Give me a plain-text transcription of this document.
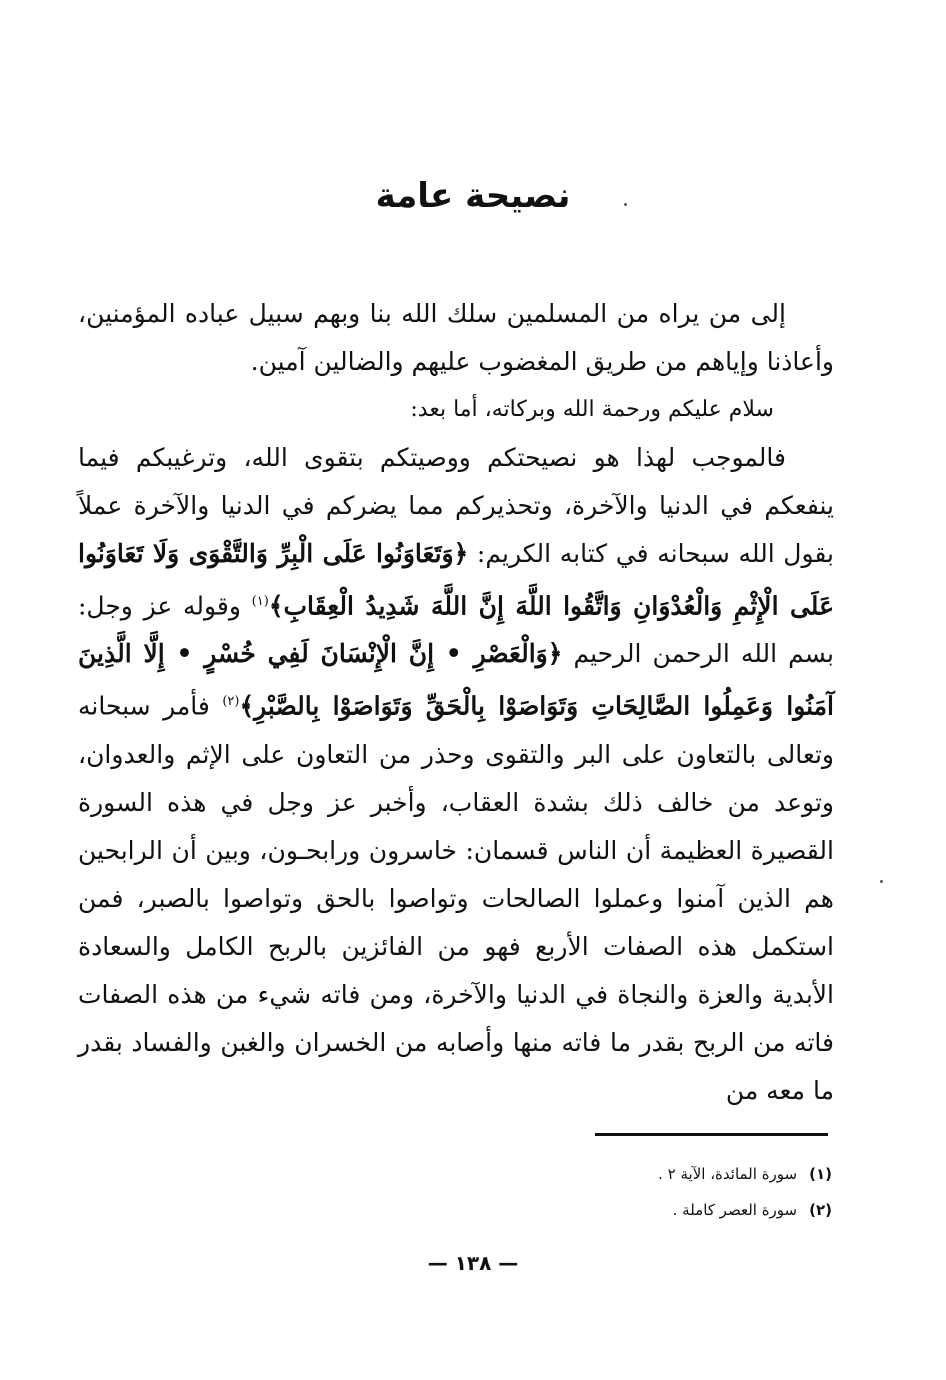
نصيحة عامة

إلى من يراه من المسلمين سلك الله بنا وبهم سبيل عباده المؤمنين، وأعاذنا وإياهم من طريق المغضوب عليهم والضالين آمين.

سلام عليكم ورحمة الله وبركاته، أما بعد:

فالموجب لهذا هو نصيحتكم ووصيتكم بتقوى الله، وترغيبكم فيما ينفعكم في الدنيا والآخرة، وتحذيركم مما يضركم في الدنيا والآخرة عملاً بقول الله سبحانه في كتابه الكريم: ﴿وَتَعَاوَنُوا عَلَى الْبِرِّ وَالتَّقْوَى وَلَا تَعَاوَنُوا عَلَى الْإِثْمِ وَالْعُدْوَانِ وَاتَّقُوا اللَّهَ إِنَّ اللَّهَ شَدِيدُ الْعِقَابِ﴾$^{(١)}$ وقوله عز وجل: بسم الله الرحمن الرحيم ﴿وَالْعَصْرِ • إِنَّ الْإِنْسَانَ لَفِي خُسْرٍ • إِلَّا الَّذِينَ آمَنُوا وَعَمِلُوا الصَّالِحَاتِ وَتَوَاصَوْا بِالْحَقِّ وَتَوَاصَوْا بِالصَّبْرِ﴾$^{(٢)}$ فأمر سبحانه وتعالى بالتعاون على البر والتقوى وحذر من التعاون على الإثم والعدوان، وتوعد من خالف ذلك بشدة العقاب، وأخبر عز وجل في هذه السورة القصيرة العظيمة أن الناس قسمان: خاسرون ورابحـون، وبين أن الرابحين هم الذين آمنوا وعملوا الصالحات وتواصوا بالحق وتواصوا بالصبر، فمن استكمل هذه الصفات الأربع فهو من الفائزين بالربح الكامل والسعادة الأبدية والعزة والنجاة في الدنيا والآخرة، ومن فاته شيء من هذه الصفات فاته من الربح بقدر ما فاته منها وأصابه من الخسران والغبن والفساد بقدر ما معه من

(١)
سورة المائدة، الآية ٢ .
(٢)
سورة العصر كاملة .
— ١٣٨ —
